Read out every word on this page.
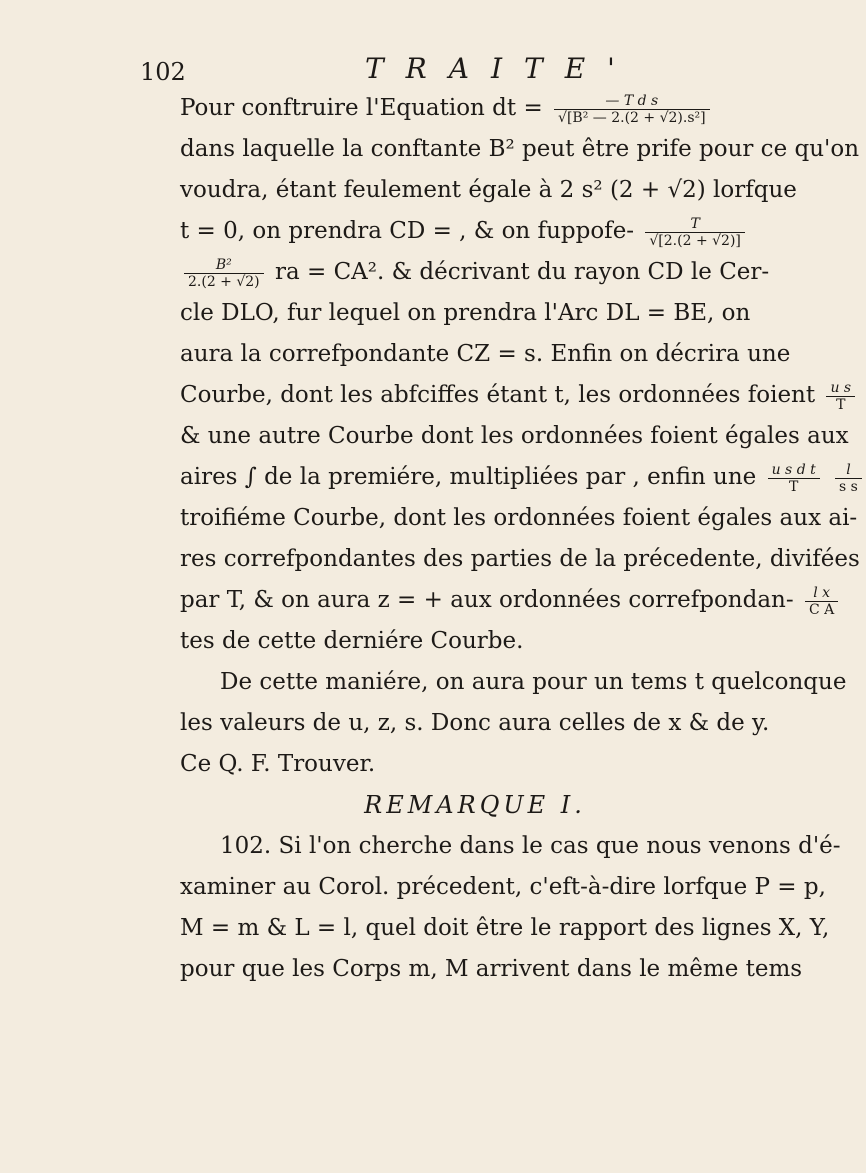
102	TRAITE'
Pour conftruire l'Equation dt = $\frac{\text{— T d s}}{\text{√[B² — 2.(2 + √2).s²]}}$
dans laquelle la conftante B² peut être prife pour ce qu'on
voudra, étant feulement égale à 2 s² (2 + √2) lorfque
t = 0, on prendra CD = , & on fuppofe- $\frac{T}{√[2.(2 + √2)]}$
$\frac{\text{B²}}{2.(2 + √2)}$ ra = CA². & décrivant du rayon CD le Cer-
cle DLO, fur lequel on prendra l'Arc DL = BE, on
aura la correfpondante CZ = s. Enfin on décrira une
Courbe, dont les abfciffes étant t, les ordonnées foient $\frac{\text{u s}}{T}$
& une autre Courbe dont les ordonnées foient égales aux
aires ∫ de la premiére, multipliées par , enfin une $\frac{\text{u s d t}}{T}$
$\frac{l}{\text{s s}}$
troifiéme Courbe, dont les ordonnées foient égales aux ai-
res correfpondantes des parties de la précedente, divifées
par T, & on aura z = + aux ordonnées correfpondan- $\frac{\text{l x}}{\text{C A}}$
tes de cette derniére Courbe.
De cette maniére, on aura pour un tems t quelconque
les valeurs de u, z, s. Donc aura celles de x & de y.
Ce Q. F. Trouver.
REMARQUE I.
102. Si l'on cherche dans le cas que nous venons d'é-
xaminer au Corol. précedent, c'eft-à-dire lorfque P = p,
M = m & L = l, quel doit être le rapport des lignes X, Y,
pour que les Corps m, M arrivent dans le même tems
